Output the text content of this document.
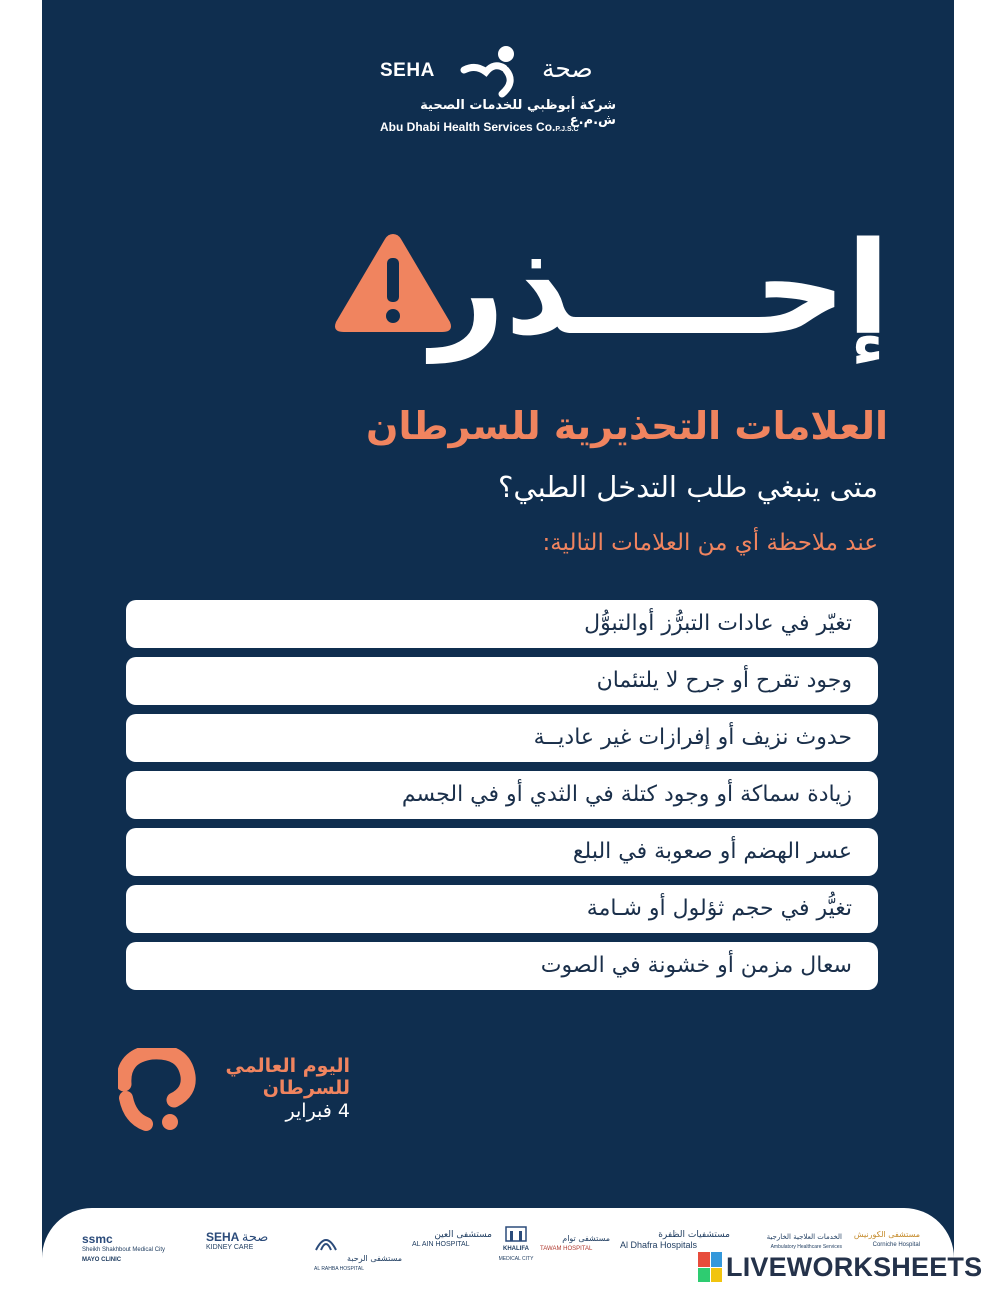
SEHA	صحة
شركة أبوظبي للخدمات الصحية ش.م.ع
Abu Dhabi Health Services Co.P.J.S.C
إحــــذر
العلامات التحذيرية للسرطان
متى ينبغي طلب التدخل الطبي؟
عند ملاحظة أي من العلامات التالية:
تغيّر في عادات التبرُّز أوالتبوُّل
وجود تقرح أو جرح لا يلتئمان
حدوث نزيف أو إفرازات غير عاديــة
زيادة سماكة أو وجود كتلة في الثدي أو في الجسم
عسر الهضم أو صعوبة في البلع
تغيُّر في حجم ثؤلول أو شـامة
سعال مزمن أو خشونة في الصوت
اليوم العالمي
للسرطان
4 فبراير
ssmc
Sheikh Shakhbout Medical City
MAYO CLINIC
SEHA صحة
KIDNEY CARE
مستشفى الرحبة
AL RAHBA HOSPITAL
مستشفى العين
AL AIN HOSPITAL
KHALIFA
MEDICAL CITY
مستشفى توام
TAWAM HOSPITAL
مستشفيات الظفرة
Al Dhafra Hospitals
الخدمات العلاجية الخارجية
Ambulatory Healthcare Services
مستشفى الكورنيش
Corniche Hospital
LIVEWORKSHEETS
